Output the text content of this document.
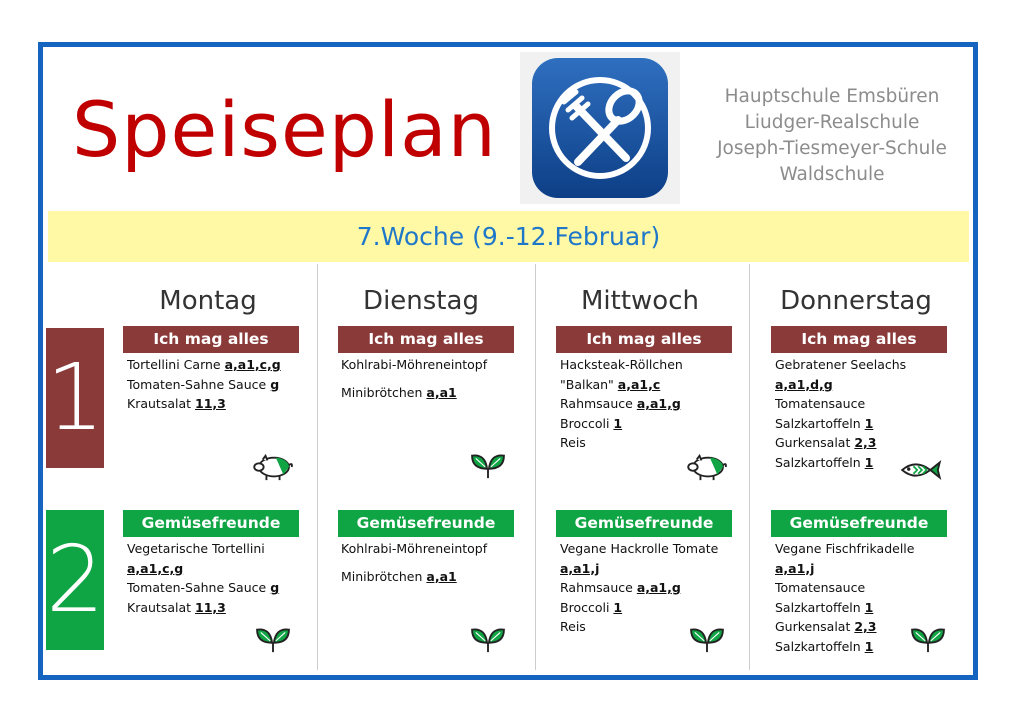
Speiseplan	Hauptschule Emsbüren
Liudger-Realschule
Joseph-Tiesmeyer-Schule
Waldschule
7.Woche (9.-12.Februar)
1
2
Montag
Ich mag alles
Tortellini Carne a,a1,c,g
Tomaten-Sahne Sauce g
Krautsalat 11,3
Gemüsefreunde
Vegetarische Tortellini
a,a1,c,g
Tomaten-Sahne Sauce g
Krautsalat 11,3
Dienstag
Ich mag alles
Kohlrabi-Möhreneintopf
Minibrötchen a,a1
Gemüsefreunde
Kohlrabi-Möhreneintopf
Minibrötchen a,a1
Mittwoch
Ich mag alles
Hacksteak-Röllchen
"Balkan" a,a1,c
Rahmsauce a,a1,g
Broccoli 1
Reis
Gemüsefreunde
Vegane Hackrolle Tomate
a,a1,j
Rahmsauce a,a1,g
Broccoli 1
Reis
Donnerstag
Ich mag alles
Gebratener Seelachs
a,a1,d,g
Tomatensauce
Salzkartoffeln 1
Gurkensalat 2,3
Salzkartoffeln 1
Gemüsefreunde
Vegane Fischfrikadelle
a,a1,j
Tomatensauce
Salzkartoffeln 1
Gurkensalat 2,3
Salzkartoffeln 1
